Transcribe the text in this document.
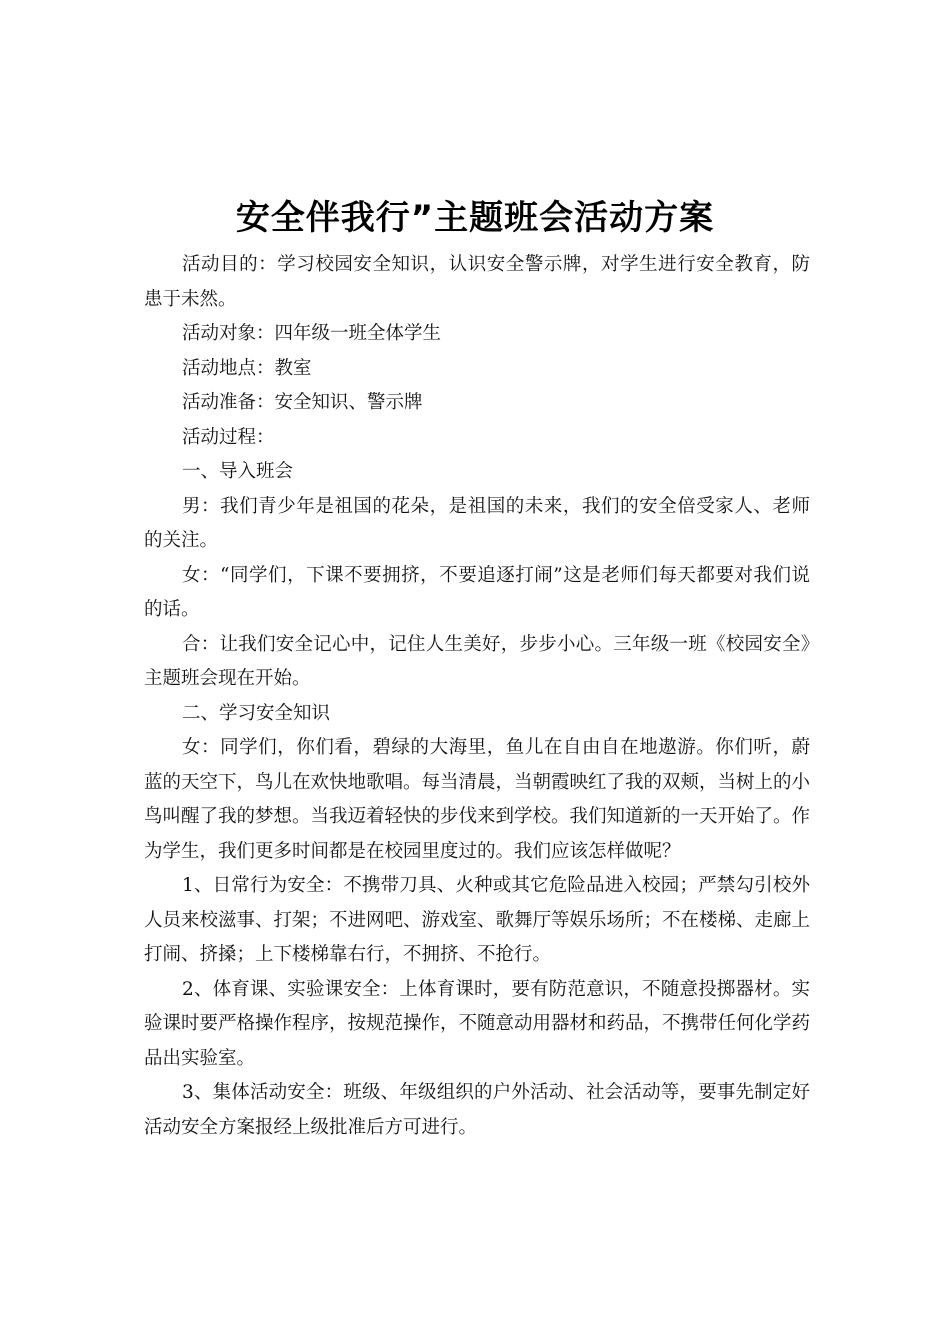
安全伴我行”主题班会活动方案

活动目的：学习校园安全知识，认识安全警示牌，对学生进行安全教育，防患于未然。

活动对象：四年级一班全体学生

活动地点：教室

活动准备：安全知识、警示牌

活动过程：

一、导入班会

男：我们青少年是祖国的花朵，是祖国的未来，我们的安全倍受家人、老师的关注。

女：“同学们，下课不要拥挤，不要追逐打闹”这是老师们每天都要对我们说的话。

合：让我们安全记心中，记住人生美好，步步小心。三年级一班《校园安全》主题班会现在开始。

二、学习安全知识

女：同学们，你们看，碧绿的大海里，鱼儿在自由自在地遨游。你们听，蔚蓝的天空下，鸟儿在欢快地歌唱。每当清晨，当朝霞映红了我的双颊，当树上的小鸟叫醒了我的梦想。当我迈着轻快的步伐来到学校。我们知道新的一天开始了。作为学生，我们更多时间都是在校园里度过的。我们应该怎样做呢？

1、日常行为安全：不携带刀具、火种或其它危险品进入校园；严禁勾引校外人员来校滋事、打架；不进网吧、游戏室、歌舞厅等娱乐场所；不在楼梯、走廊上打闹、挤搡；上下楼梯靠右行，不拥挤、不抢行。

2、体育课、实验课安全：上体育课时，要有防范意识，不随意投掷器材。实验课时要严格操作程序，按规范操作，不随意动用器材和药品，不携带任何化学药品出实验室。

3、集体活动安全：班级、年级组织的户外活动、社会活动等，要事先制定好活动安全方案报经上级批准后方可进行。
